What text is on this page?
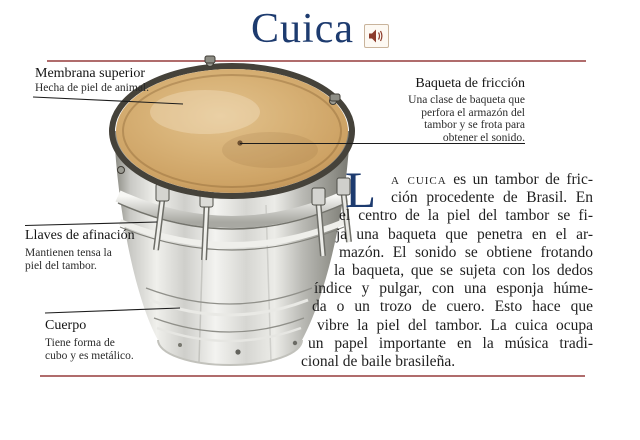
Cuica
Membrana superior
Hecha de piel de animal.	Baqueta de fricción
Una clase de baqueta que
perfora el armazón del
tambor y se frota para
obtener el sonido.
Llaves de afinación
Mantienen tensa la
piel del tambor.
Cuerpo
Tiene forma de
cubo y es metálico.
L a cuica es un tambor de fric-
ción procedente de Brasil. En
el centro de la piel del tambor se fi-
ja una baqueta que penetra en el ar-
mazón. El sonido se obtiene frotando
la baqueta, que se sujeta con los dedos
índice y pulgar, con una esponja húme-
da o un trozo de cuero. Esto hace que
vibre la piel del tambor. La cuica ocupa
un papel importante en la música tradi-
cional de baile brasileña.
